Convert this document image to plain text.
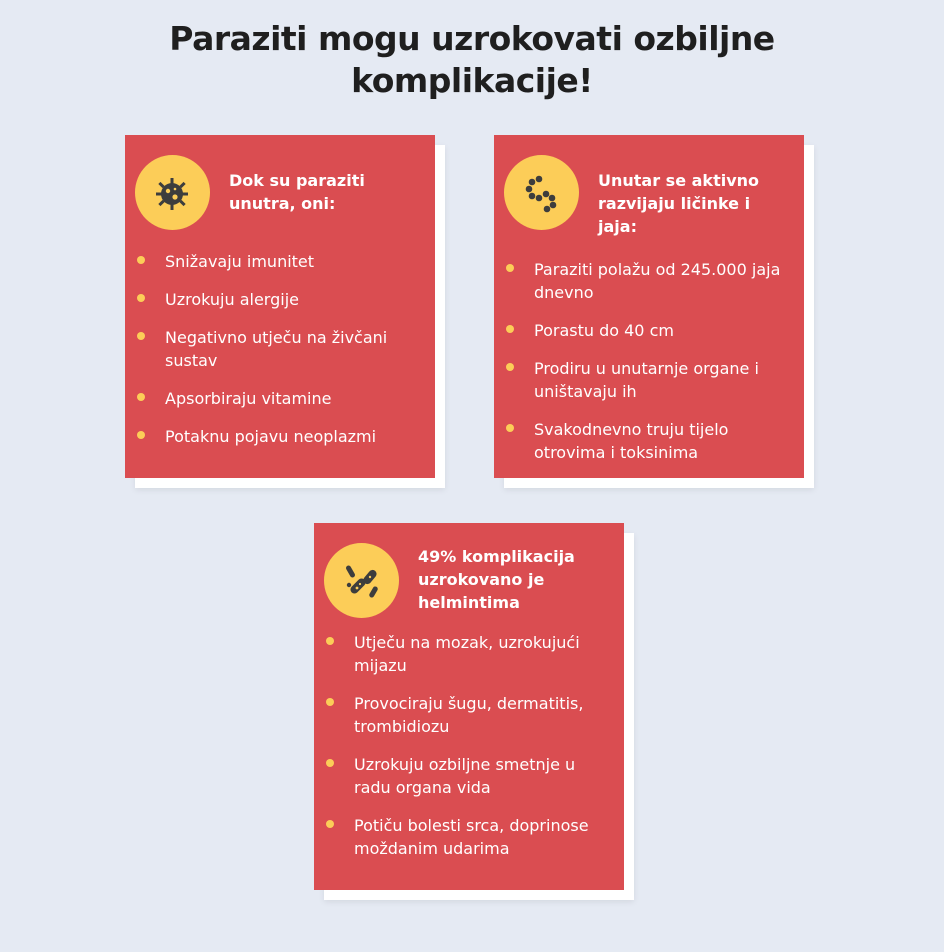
Paraziti mogu uzrokovati ozbiljne
komplikacije!
Dok su paraziti unutra, oni:
Snižavaju imunitet
Uzrokuju alergije
Negativno utječu na živčani sustav
Apsorbiraju vitamine
Potaknu pojavu neoplazmi
Unutar se aktivno razvijaju ličinke i jaja:
Paraziti polažu od 245.000 jaja dnevno
Porastu do 40 cm
Prodiru u unutarnje organe i uništavaju ih
Svakodnevno truju tijelo otrovima i toksinima
49% komplikacija uzrokovano je helmintima
Utječu na mozak, uzrokujući mijazu
Provociraju šugu, dermatitis, trombidiozu
Uzrokuju ozbiljne smetnje u radu organa vida
Potiču bolesti srca, doprinose moždanim udarima
